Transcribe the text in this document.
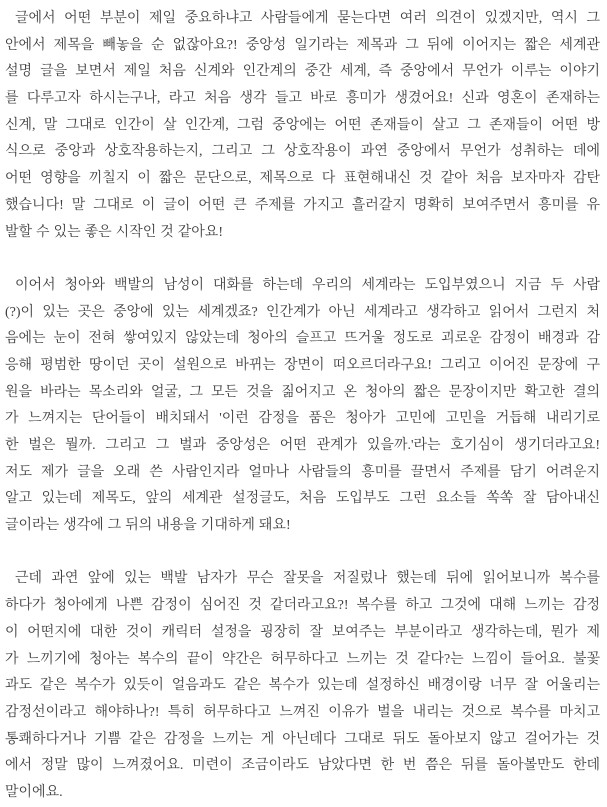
글에서 어떤 부분이 제일 중요하냐고 사람들에게 묻는다면 여러 의견이 있겠지만, 역시 그
안에서 제목을 빼놓을 순 없잖아요?! 중앙성 일기라는 제목과 그 뒤에 이어지는 짧은 세계관
설명 글을 보면서 제일 처음 신계와 인간계의 중간 세계, 즉 중앙에서 무언가 이루는 이야기
를 다루고자 하시는구나, 라고 처음 생각 들고 바로 흥미가 생겼어요! 신과 영혼이 존재하는
신계, 말 그대로 인간이 살 인간계, 그럼 중앙에는 어떤 존재들이 살고 그 존재들이 어떤 방
식으로 중앙과 상호작용하는지, 그리고 그 상호작용이 과연 중앙에서 무언가 성취하는 데에
어떤 영향을 끼칠지 이 짧은 문단으로, 제목으로 다 표현해내신 것 같아 처음 보자마자 감탄
했습니다! 말 그대로 이 글이 어떤 큰 주제를 가지고 흘러갈지 명확히 보여주면서 흥미를 유
발할 수 있는 좋은 시작인 것 같아요!
이어서 청아와 백발의 남성이 대화를 하는데 우리의 세계라는 도입부였으니 지금 두 사람
(?)이 있는 곳은 중앙에 있는 세계겠죠? 인간계가 아닌 세계라고 생각하고 읽어서 그런지 처
음에는 눈이 전혀 쌓여있지 않았는데 청아의 슬프고 뜨거울 정도로 괴로운 감정이 배경과 감
응해 평범한 땅이던 곳이 설원으로 바뀌는 장면이 떠오르더라구요! 그리고 이어진 문장에 구
원을 바라는 목소리와 얼굴, 그 모든 것을 짊어지고 온 청아의 짧은 문장이지만 확고한 결의
가 느껴지는 단어들이 배치돼서 '이런 감정을 품은 청아가 고민에 고민을 거듭해 내리기로
한 벌은 뭘까. 그리고 그 벌과 중앙성은 어떤 관계가 있을까.'라는 호기심이 생기더라고요!
저도 제가 글을 오래 쓴 사람인지라 얼마나 사람들의 흥미를 끌면서 주제를 담기 어려운지
알고 있는데 제목도, 앞의 세계관 설정글도, 처음 도입부도 그런 요소들 쏙쏙 잘 담아내신
글이라는 생각에 그 뒤의 내용을 기대하게 돼요!
근데 과연 앞에 있는 백발 남자가 무슨 잘못을 저질렀나 했는데 뒤에 읽어보니까 복수를
하다가 청아에게 나쁜 감정이 심어진 것 같더라고요?! 복수를 하고 그것에 대해 느끼는 감정
이 어떤지에 대한 것이 캐릭터 설정을 굉장히 잘 보여주는 부분이라고 생각하는데, 뭔가 제
가 느끼기에 청아는 복수의 끝이 약간은 허무하다고 느끼는 것 같다?는 느낌이 들어요. 불꽃
과도 같은 복수가 있듯이 얼음과도 같은 복수가 있는데 설정하신 배경이랑 너무 잘 어울리는
감정선이라고 해야하나?! 특히 허무하다고 느껴진 이유가 벌을 내리는 것으로 복수를 마치고
통쾌하다거나 기쁨 같은 감정을 느끼는 게 아닌데다 그대로 뒤도 돌아보지 않고 걸어가는 것
에서 정말 많이 느껴졌어요. 미련이 조금이라도 남았다면 한 번 쯤은 뒤를 돌아볼만도 한데
말이에요.
